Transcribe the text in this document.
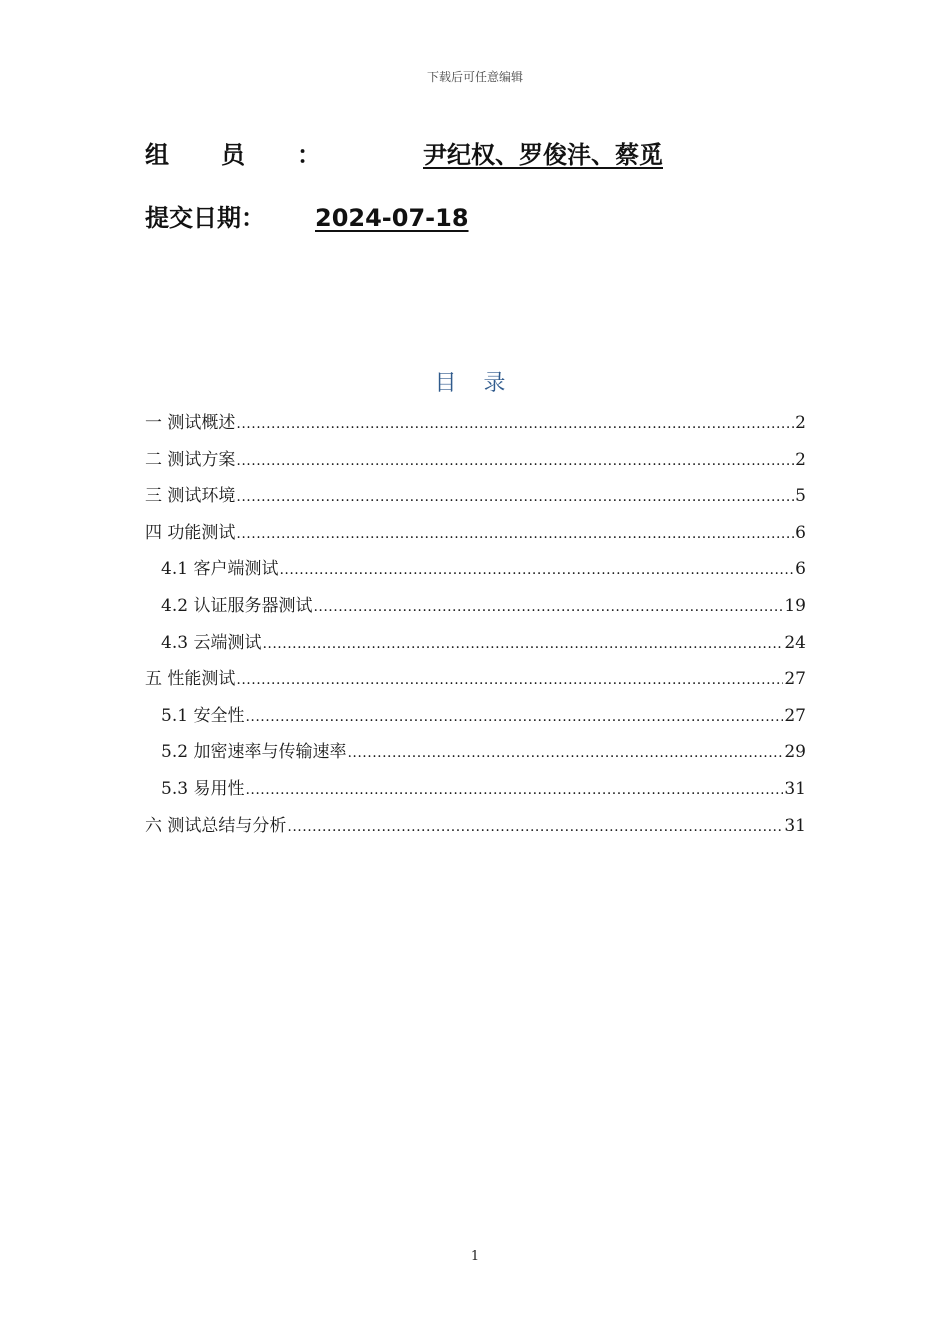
下载后可任意编辑
组员：	尹纪权、罗俊沣、蔡觅
提交日期：	2024-07-18
目 录
一 测试概述 .....	2
二 测试方案 .....	2
三 测试环境 .....	5
四 功能测试 .....	6
4.1 客户端测试 .....	6
4.2 认证服务器测试 .....	19
4.3 云端测试 .....	24
五 性能测试 .....	27
5.1 安全性 .....	27
5.2 加密速率与传输速率 .....	29
5.3 易用性 .....	31
六 测试总结与分析 .....	31
1
